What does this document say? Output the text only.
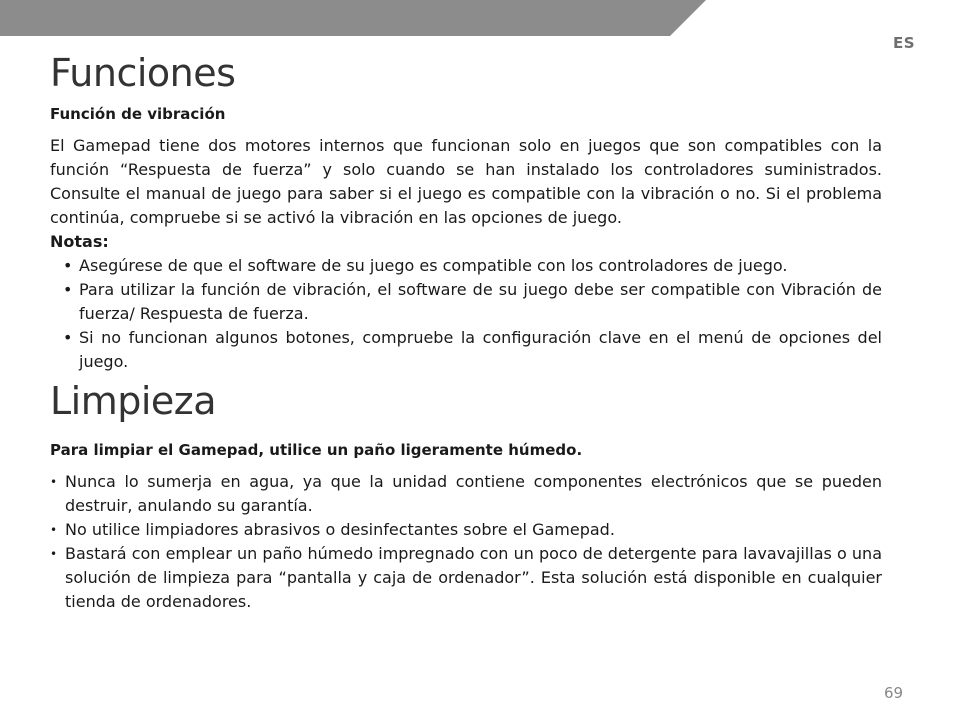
ES
Funciones

Función de vibración

El Gamepad tiene dos motores internos que funcionan solo en juegos que son compatibles con la función “Respuesta de fuerza” y solo cuando se han instalado los controladores suministrados. Consulte el manual de juego para saber si el juego es compatible con la vibración o no. Si el problema continúa, compruebe si se activó la vibración en las opciones de juego.

Notas:

• Asegúrese de que el software de su juego es compatible con los controladores de juego.
• Para utilizar la función de vibración, el software de su juego debe ser compatible con Vibración de fuerza/ Respuesta de fuerza.
• Si no funcionan algunos botones, compruebe la configuración clave en el menú de opciones del juego.
Limpieza

Para limpiar el Gamepad, utilice un paño ligeramente húmedo.

• Nunca lo sumerja en agua, ya que la unidad contiene componentes electrónicos que se pueden destruir, anulando su garantía.
• No utilice limpiadores abrasivos o desinfectantes sobre el Gamepad.
• Bastará con emplear un paño húmedo impregnado con un poco de detergente para lavavajillas o una solución de limpieza para “pantalla y caja de ordenador”. Esta solución está disponible en cualquier tienda de ordenadores.
69
